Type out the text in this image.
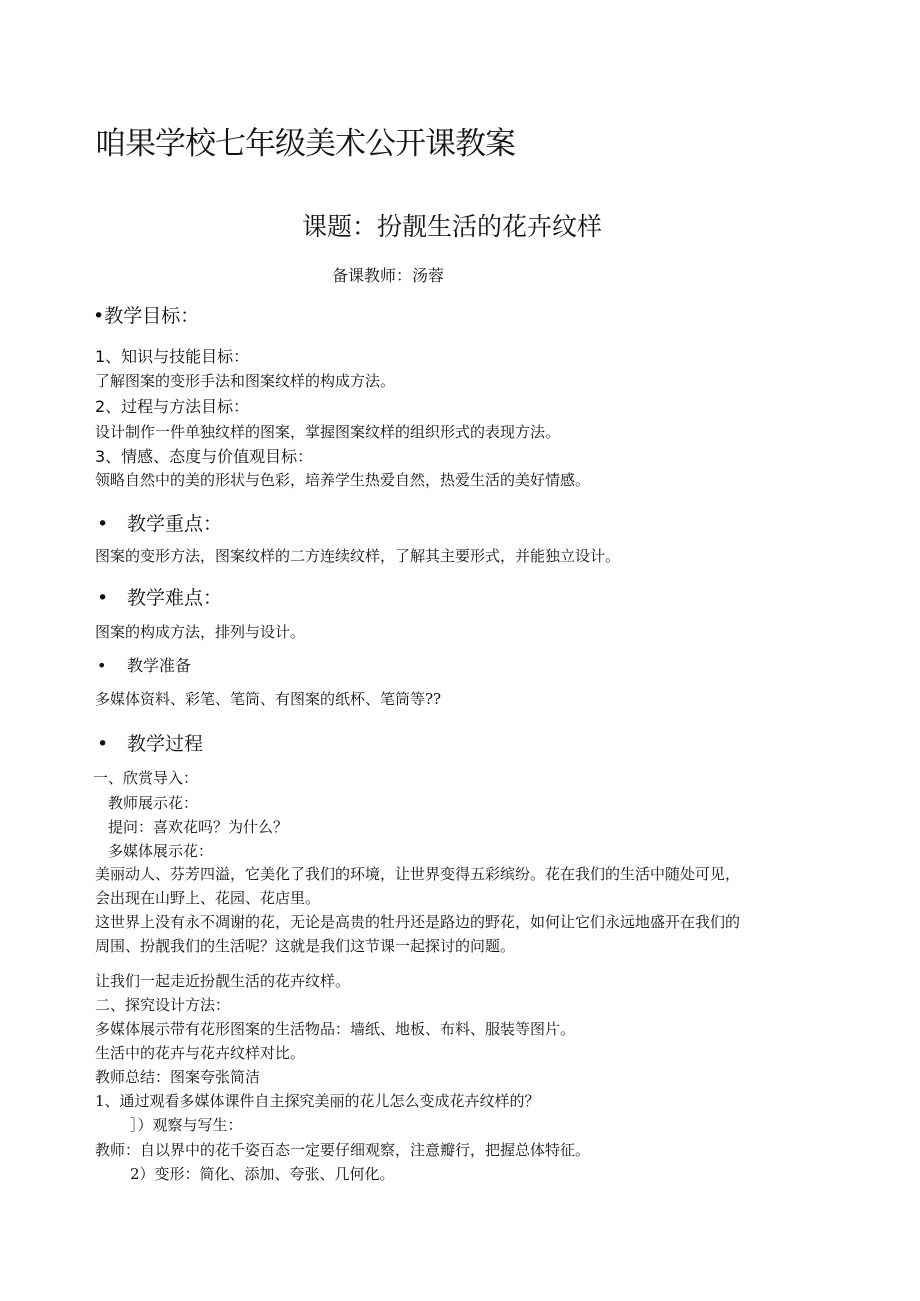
咱果学校七年级美术公开课教案
课题：扮靓生活的花卉纹样
备课教师：汤蓉
•教学目标：
1、知识与技能目标：
了解图案的变形手法和图案纹样的构成方法。
2、过程与方法目标：
设计制作一件单独纹样的图案，掌握图案纹样的组织形式的表现方法。
3、情感、态度与价值观目标：
领略自然中的美的形状与色彩，培养学生热爱自然，热爱生活的美好情感。
• 教学重点：
图案的变形方法，图案纹样的二方连续纹样，了解其主要形式，并能独立设计。
• 教学难点：
图案的构成方法，排列与设计。
• 教学准备
多媒体资料、彩笔、笔筒、有图案的纸杯、笔筒等??
• 教学过程
一、欣赏导入：
教师展示花：
提问：喜欢花吗？为什么？
多媒体展示花：
美丽动人、芬芳四溢，它美化了我们的环境，让世界变得五彩缤纷。花在我们的生活中随处可见，
会出现在山野上、花园、花店里。
这世界上没有永不凋谢的花，无论是高贵的牡丹还是路边的野花，如何让它们永远地盛开在我们的
周围、扮靓我们的生活呢？这就是我们这节课一起探讨的问题。
让我们一起走近扮靓生活的花卉纹样。
二、探究设计方法：
多媒体展示带有花形图案的生活物品：墙纸、地板、布料、服装等图片。
生活中的花卉与花卉纹样对比。
教师总结：图案夸张简洁
1、通过观看多媒体课件自主探究美丽的花儿怎么变成花卉纹样的？
］）观察与写生：
教师：自以界中的花千姿百态一定要仔细观察，注意瓣行，把握总体特征。
2）变形：简化、添加、夸张、几何化。
